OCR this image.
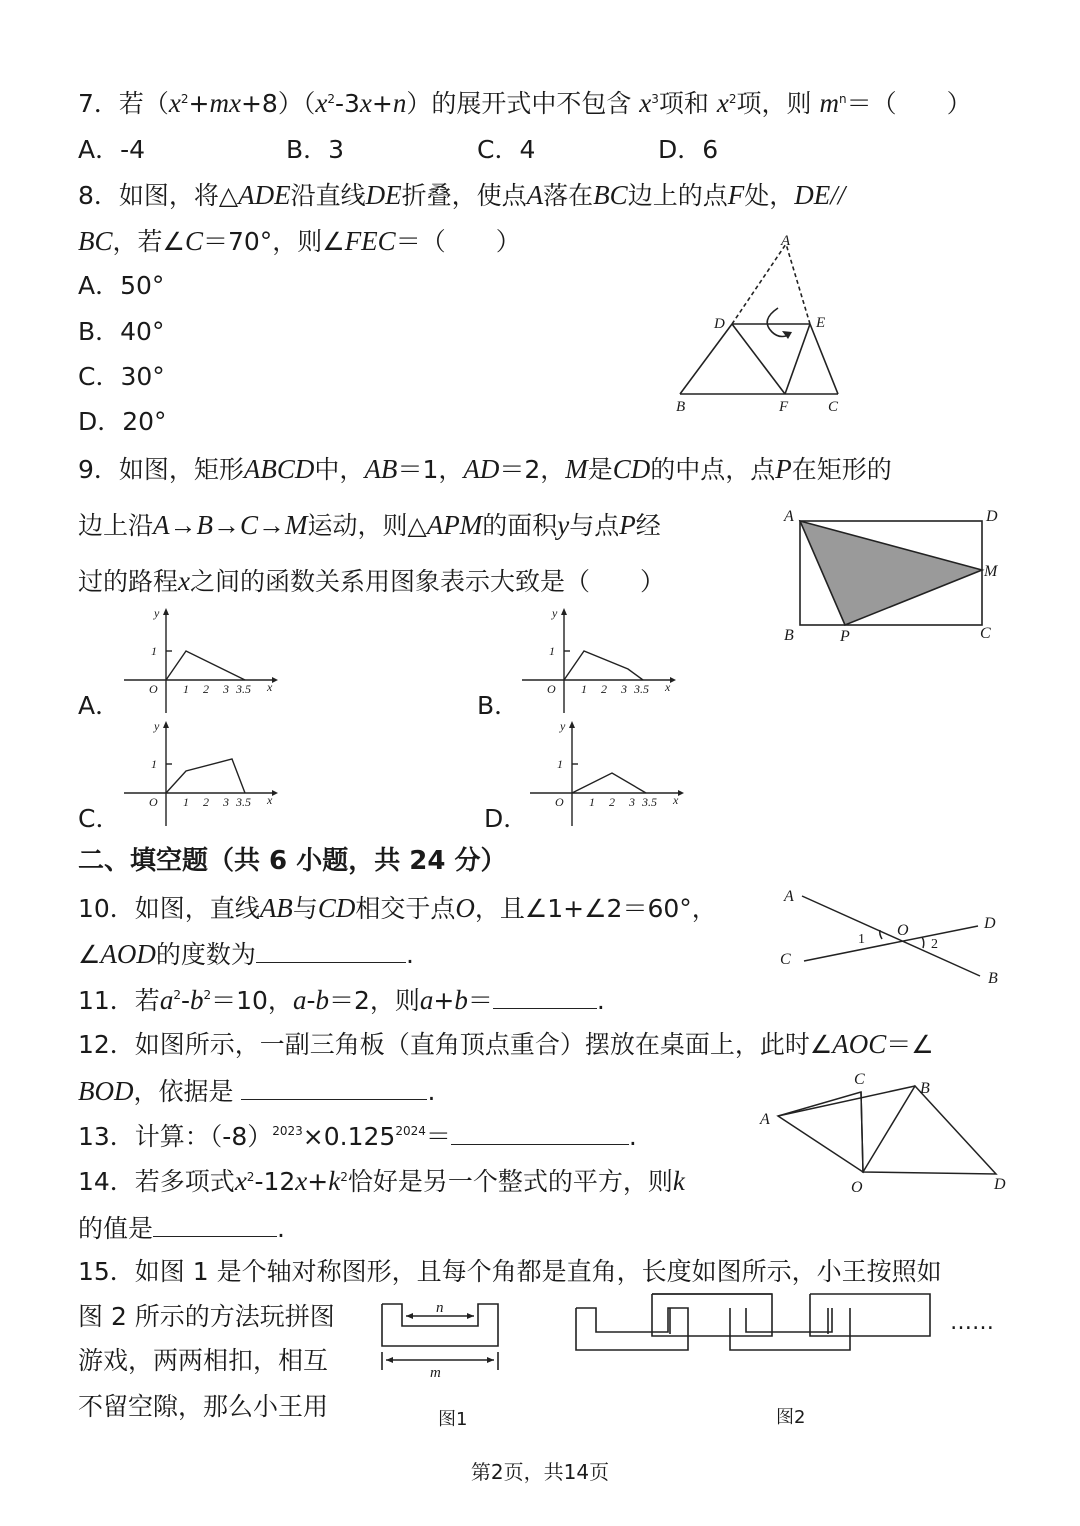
7．若$(x^2+mx+8)(x^2-3x+n)$的展开式中不包含 $x^3$项和 $x^2$项，则 $m^n=$（　　）
A．-4	B．3	C．4	D．6
8．如图，将△ADE沿直线DE折叠，使点A落在BC边上的点F处，DE//
BC，若∠C＝70°，则∠FEC＝（　　）
A．50°
B．40°
C．30°
D．20°
A
D	E
B	F	C
9．如图，矩形ABCD中，AB＝1，AD＝2，M是CD的中点，点P在矩形的
边上沿A→B→C→M运动，则△APM的面积y与点P经
过的路程x之间的函数关系用图象表示大致是（　　）
A	D
M
B	P	C
A．	B．
C．	D．
y
1
O 1 2 3 3.5 x
y
1
O 1 2 3 3.5 x
y
1
O 1 2 3 3.5 x
y
1
O 1 2 3 3.5 x
二、填空题（共 6 小题，共 24 分）
10．如图，直线AB与CD相交于点O，且∠1+∠2＝60°，
∠AOD的度数为	.
A
C
O	D
B
1	2
11．若$a^2-b^2=10$，a-b＝2，则a+b＝	.
12．如图所示，一副三角板（直角顶点重合）摆放在桌面上，此时∠AOC＝∠
BOD，依据是	.
A
C
B
O	D
13．计算：$(-8)^{2023}\times 0.125^{2024}=$	.
14．若多项式$x^2-12x+k^2$恰好是另一个整式的平方，则k
的值是	.
15．如图 1 是个轴对称图形，且每个角都是直角，长度如图所示，小王按照如
图 2 所示的方法玩拼图
游戏，两两相扣，相互
不留空隙，那么小王用
n
m
图1
……
图2
第2页，共14页
